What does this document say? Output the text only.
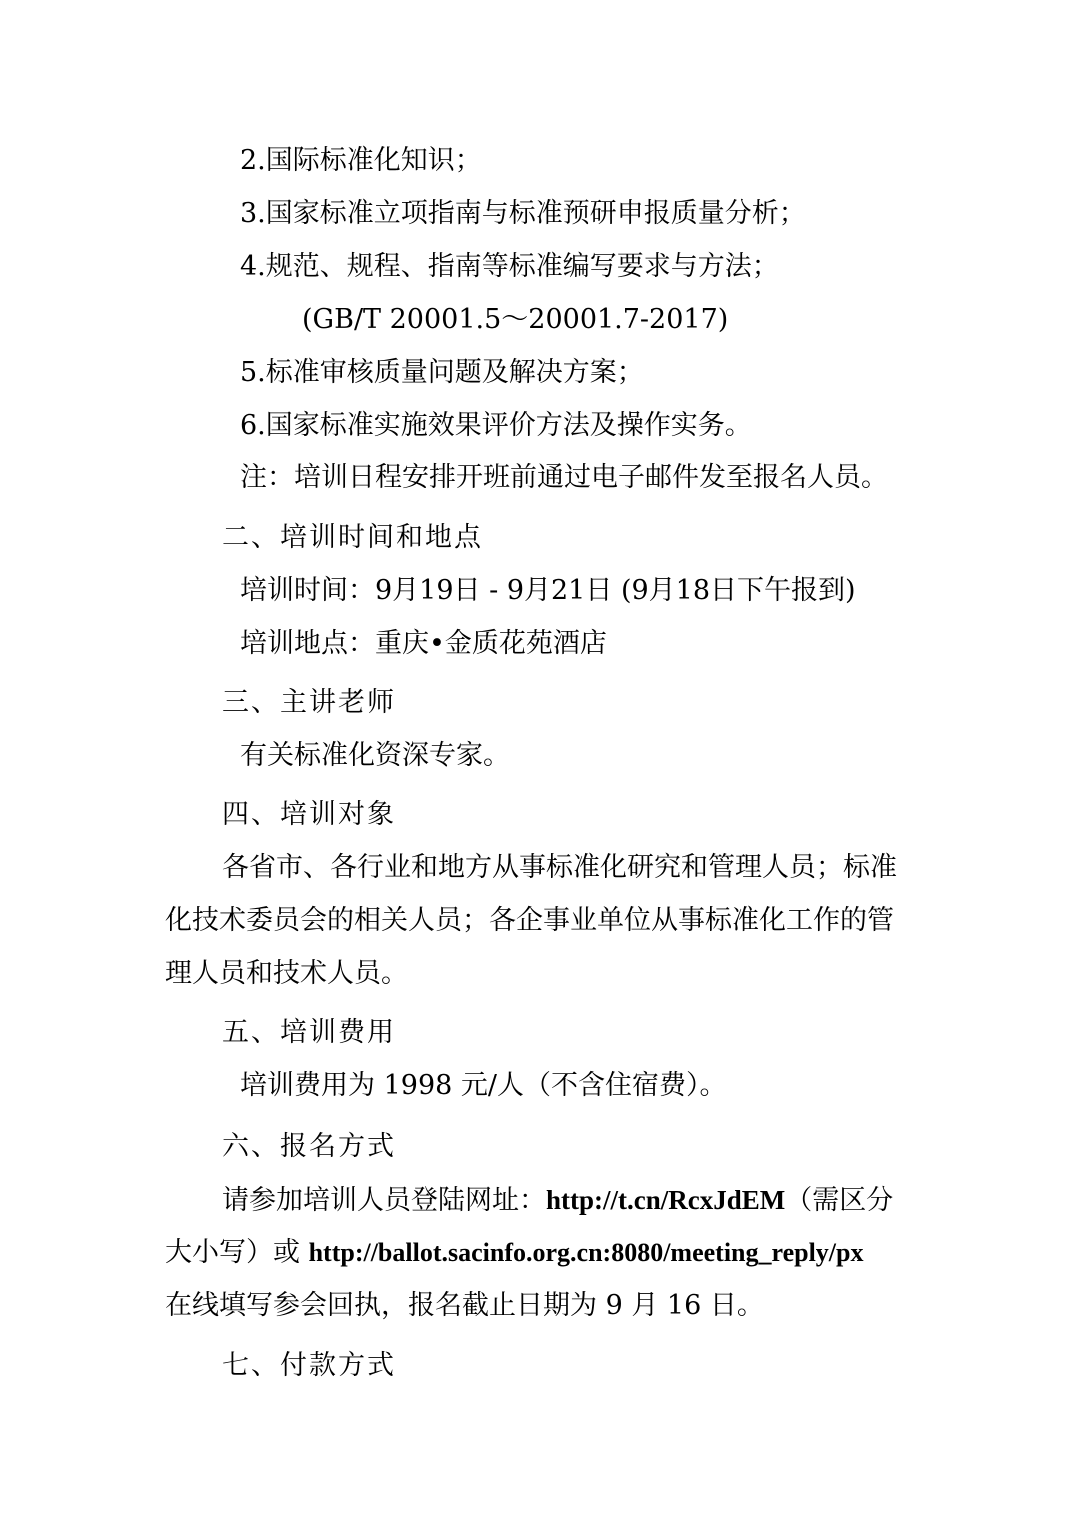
2.国际标准化知识；
3.国家标准立项指南与标准预研申报质量分析；
4.规范、规程、指南等标准编写要求与方法；
(GB/T 20001.5～20001.7-2017)
5.标准审核质量问题及解决方案；
6.国家标准实施效果评价方法及操作实务。
注：培训日程安排开班前通过电子邮件发至报名人员。
二、培训时间和地点
培训时间：9月19日 - 9月21日 (9月18日下午报到)
培训地点：重庆•金质花苑酒店
三、主讲老师
有关标准化资深专家。
四、培训对象
各省市、各行业和地方从事标准化研究和管理人员；标准
化技术委员会的相关人员；各企事业单位从事标准化工作的管
理人员和技术人员。
五、培训费用
培训费用为 1998 元/人（不含住宿费）。
六、报名方式
请参加培训人员登陆网址：http://t.cn/RcxJdEM（需区分
大小写）或 http://ballot.sacinfo.org.cn:8080/meeting_reply/px
在线填写参会回执，报名截止日期为 9 月 16 日。
七、付款方式
